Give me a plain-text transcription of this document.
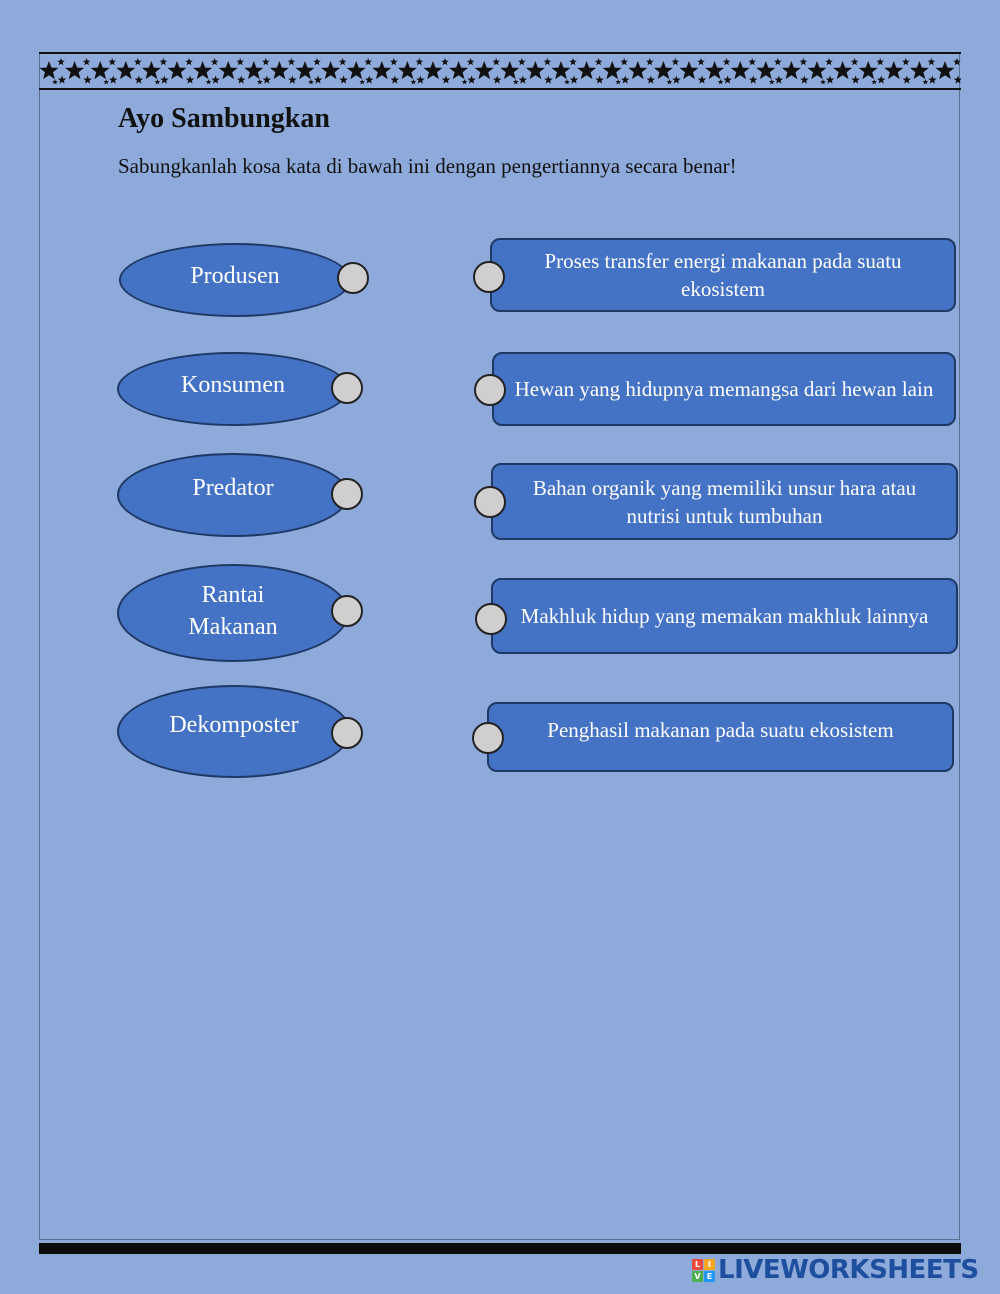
Ayo Sambungkan

Sabungkanlah kosa kata di bawah ini dengan pengertiannya secara benar!

Produsen
Konsumen
Predator
Rantai
Makanan
Dekomposter
Proses transfer energi makanan pada suatu ekosistem
Hewan yang hidupnya memangsa dari hewan lain
Bahan organik yang memiliki unsur hara atau nutrisi untuk tumbuhan
Makhluk hidup yang memakan makhluk lainnya
Penghasil makanan pada suatu ekosistem
L I
V E LIVEWORKSHEETS
